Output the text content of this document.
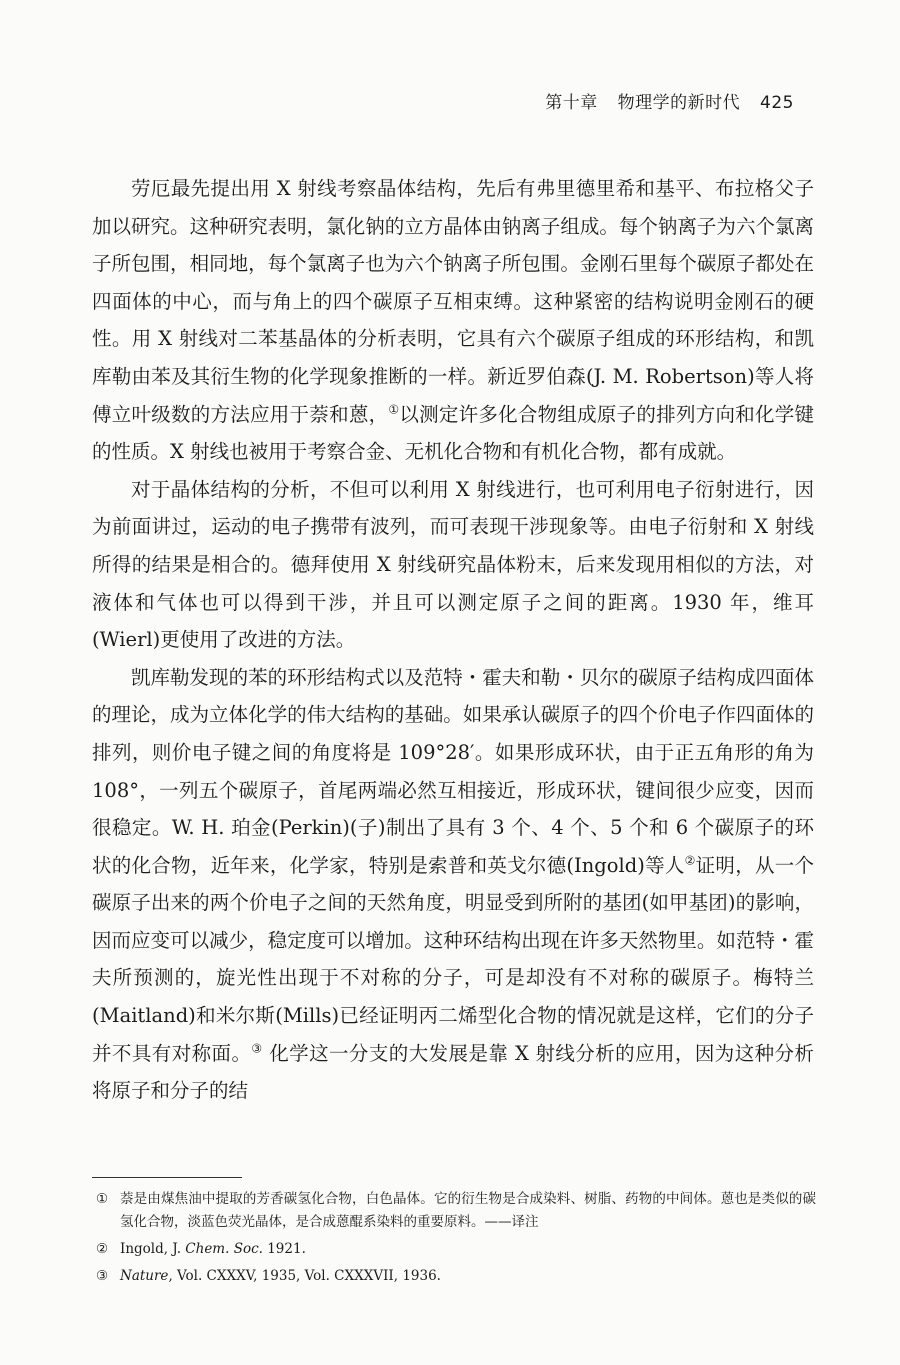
第十章 物理学的新时代 425

劳厄最先提出用 X 射线考察晶体结构，先后有弗里德里希和基平、布拉格父子加以研究。这种研究表明，氯化钠的立方晶体由钠离子组成。每个钠离子为六个氯离子所包围，相同地，每个氯离子也为六个钠离子所包围。金刚石里每个碳原子都处在四面体的中心，而与角上的四个碳原子互相束缚。这种紧密的结构说明金刚石的硬性。用 X 射线对二苯基晶体的分析表明，它具有六个碳原子组成的环形结构，和凯库勒由苯及其衍生物的化学现象推断的一样。新近罗伯森(J. M. Robertson)等人将傅立叶级数的方法应用于萘和蒽，①以测定许多化合物组成原子的排列方向和化学键的性质。X 射线也被用于考察合金、无机化合物和有机化合物，都有成就。

对于晶体结构的分析，不但可以利用 X 射线进行，也可利用电子衍射进行，因为前面讲过，运动的电子携带有波列，而可表现干涉现象等。由电子衍射和 X 射线所得的结果是相合的。德拜使用 X 射线研究晶体粉末，后来发现用相似的方法，对液体和气体也可以得到干涉，并且可以测定原子之间的距离。1930 年，维耳(Wierl)更使用了改进的方法。

凯库勒发现的苯的环形结构式以及范特・霍夫和勒・贝尔的碳原子结构成四面体的理论，成为立体化学的伟大结构的基础。如果承认碳原子的四个价电子作四面体的排列，则价电子键之间的角度将是 109°28′。如果形成环状，由于正五角形的角为 108°，一列五个碳原子，首尾两端必然互相接近，形成环状，键间很少应变，因而很稳定。W. H. 珀金(Perkin)(子)制出了具有 3 个、4 个、5 个和 6 个碳原子的环状的化合物，近年来，化学家，特别是索普和英戈尔德(Ingold)等人②证明，从一个碳原子出来的两个价电子之间的天然角度，明显受到所附的基团(如甲基团)的影响，因而应变可以减少，稳定度可以增加。这种环结构出现在许多天然物里。如范特・霍夫所预测的，旋光性出现于不对称的分子，可是却没有不对称的碳原子。梅特兰(Maitland)和米尔斯(Mills)已经证明丙二烯型化合物的情况就是这样，它们的分子并不具有对称面。③ 化学这一分支的大发展是靠 X 射线分析的应用，因为这种分析将原子和分子的结

① 萘是由煤焦油中提取的芳香碳氢化合物，白色晶体。它的衍生物是合成染料、树脂、药物的中间体。蒽也是类似的碳氢化合物，淡蓝色荧光晶体，是合成蒽醌系染料的重要原料。——译注

② Ingold, J. Chem. Soc. 1921.

③ Nature, Vol. CXXXV, 1935, Vol. CXXXVII, 1936.
